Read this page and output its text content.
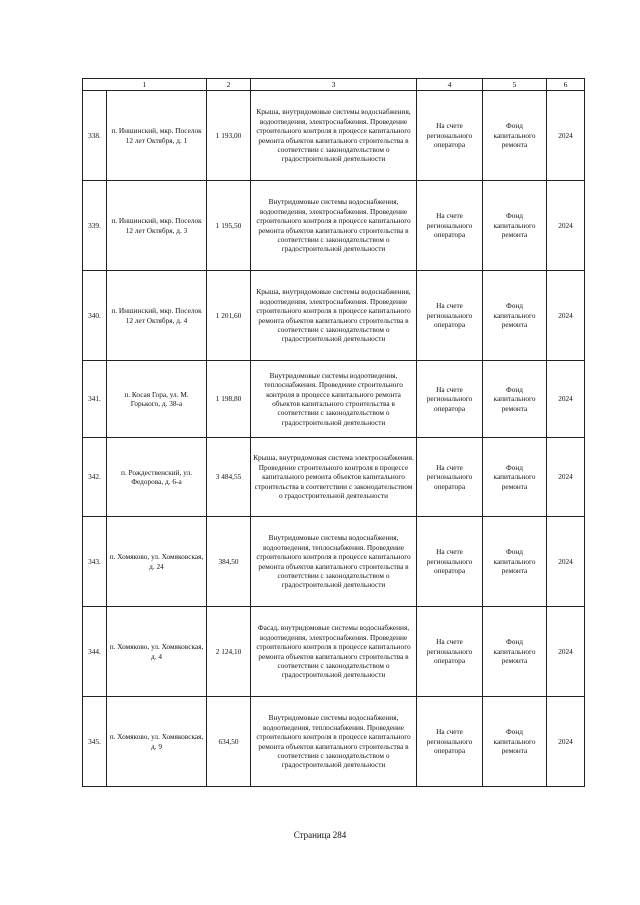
1		2	3	4	5	6
338.	п. Иншинский, мкр. Поселок 12 лет Октября, д. 1	1 193,00	Крыша, внутридомовые системы водоснабжения, водоотведения, электроснабжения. Проведение строительного контроля в процессе капитального ремонта объектов капитального строительства в соответствии с законодательством о градостроительной деятельности	На счете регионального оператора	Фонд капитального ремонта	2024
339.	п. Иншинский, мкр. Поселок 12 лет Октября, д. 3	1 195,50	Внутридомовые системы водоснабжения, водоотведения, электроснабжения. Проведение строительного контроля в процессе капитального ремонта объектов капитального строительства в соответствии с законодательством о градостроительной деятельности	На счете регионального оператора	Фонд капитального ремонта	2024
340.	п. Иншинский, мкр. Поселок 12 лет Октября, д. 4	1 201,60	Крыша, внутридомовые системы водоснабжения, водоотведения, электроснабжения. Проведение строительного контроля в процессе капитального ремонта объектов капитального строительства в соответствии с законодательством о градостроительной деятельности	На счете регионального оператора	Фонд капитального ремонта	2024
341.	п. Косая Гора, ул. М. Горького, д. 38-а	1 198,80	Внутридомовые системы водоотведения, теплоснабжения. Проведение строительного контроля в процессе капитального ремонта объектов капитального строительства в соответствии с законодательством о градостроительной деятельности	На счете регионального оператора	Фонд капитального ремонта	2024
342.	п. Рождественский, ул. Федорова, д. 6-а	3 484,55	Крыша, внутридомовая система электроснабжения. Проведение строительного контроля в процессе капитального ремонта объектов капитального строительства в соответствии с законодательством о градостроительной деятельности	На счете регионального оператора	Фонд капитального ремонта	2024
343.	п. Хомяково, ул. Хомяковская, д. 24	384,50	Внутридомовые системы водоснабжения, водоотведения, теплоснабжения. Проведение строительного контроля в процессе капитального ремонта объектов капитального строительства в соответствии с законодательством о градостроительной деятельности	На счете регионального оператора	Фонд капитального ремонта	2024
344.	п. Хомяково, ул. Хомяковская, д. 4	2 124,10	Фасад, внутридомовые системы водоснабжения, водоотведения, электроснабжения. Проведение строительного контроля в процессе капитального ремонта объектов капитального строительства в соответствии с законодательством о градостроительной деятельности	На счете регионального оператора	Фонд капитального ремонта	2024
345.	п. Хомяково, ул. Хомяковская, д. 9	634,50	Внутридомовые системы водоснабжения, водоотведения, теплоснабжения. Проведение строительного контроля в процессе капитального ремонта объектов капитального строительства в соответствии с законодательством о градостроительной деятельности	На счете регионального оператора	Фонд капитального ремонта	2024
Страница 284
